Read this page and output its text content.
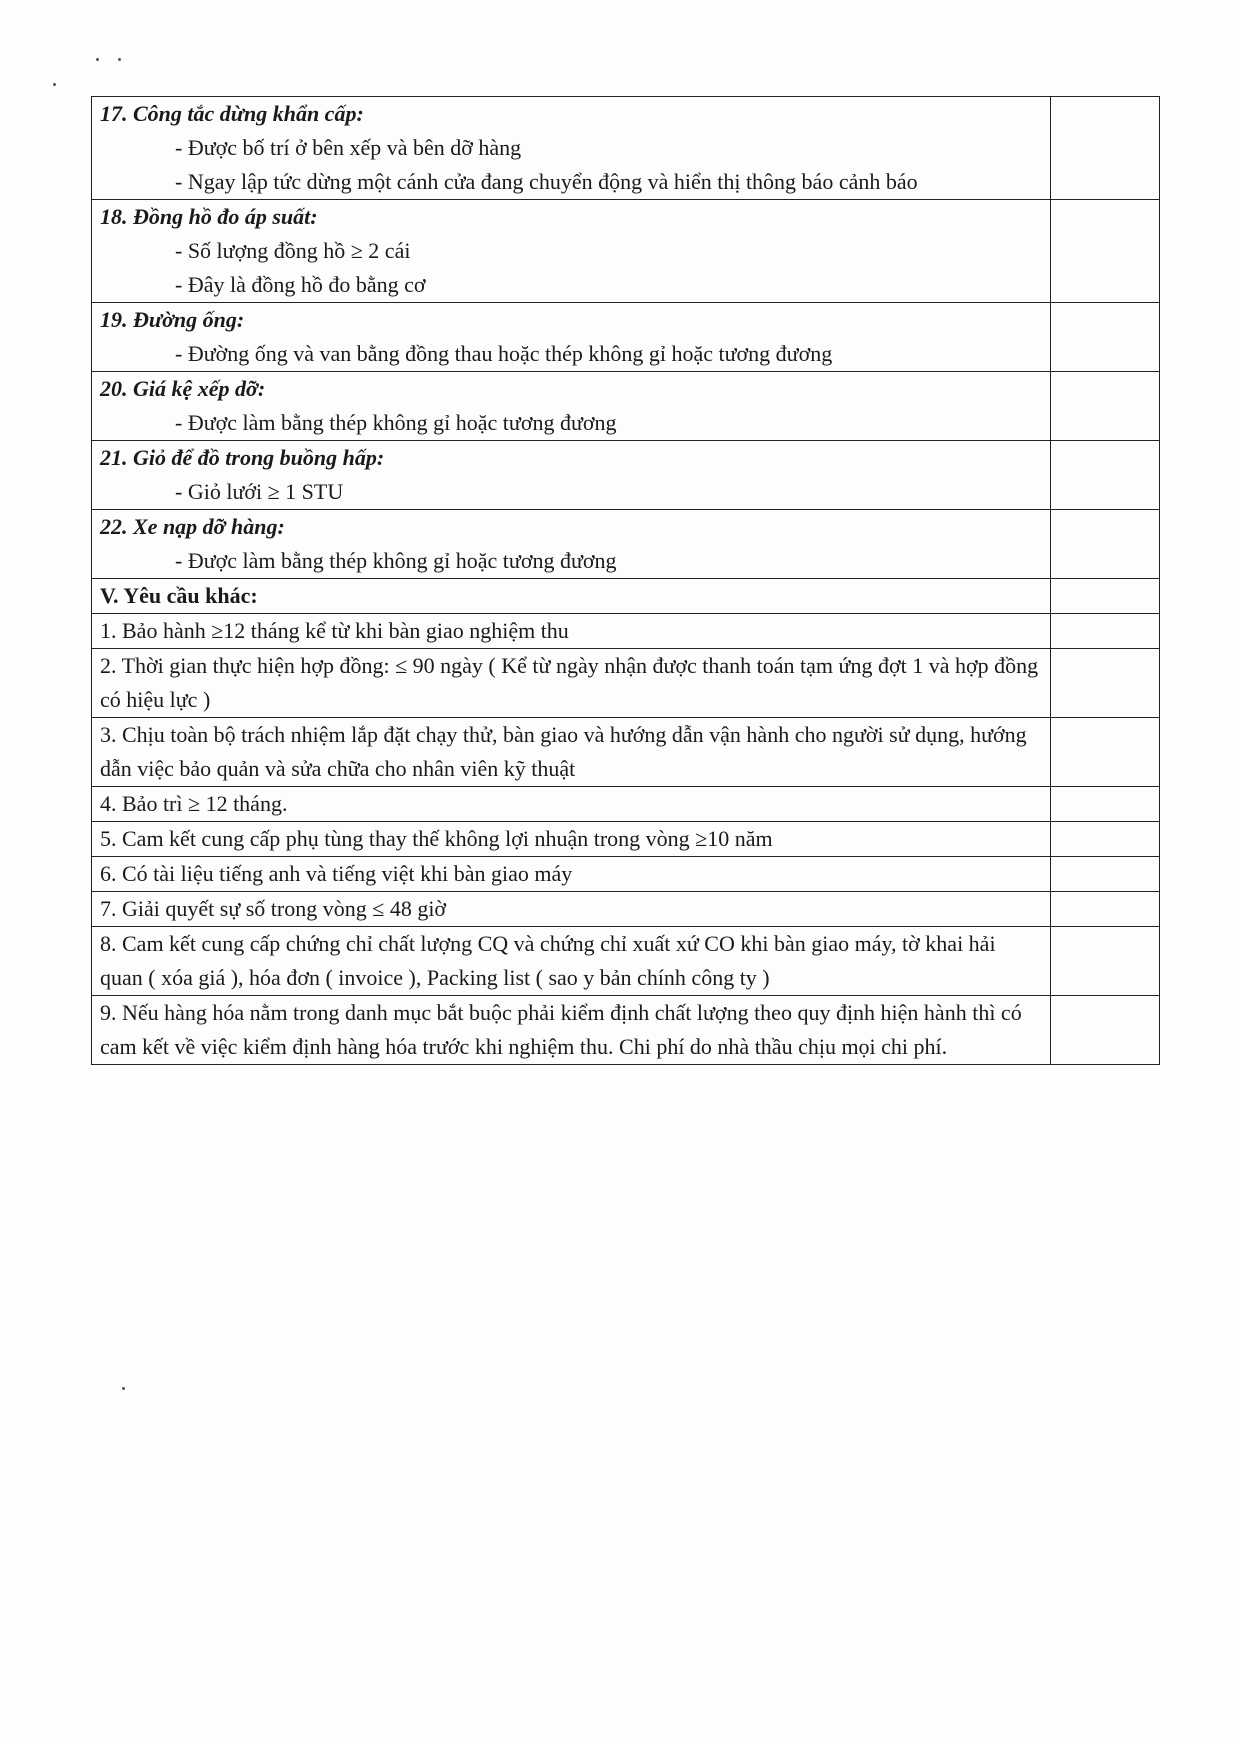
17. Công tắc dừng khẩn cấp:
- Được bố trí ở bên xếp và bên dỡ hàng
- Ngay lập tức dừng một cánh cửa đang chuyển động và hiển thị thông báo cảnh báo	

18. Đồng hồ đo áp suất:
- Số lượng đồng hồ ≥ 2 cái
- Đây là đồng hồ đo bằng cơ	

19. Đường ống:
- Đường ống và van bằng đồng thau hoặc thép không gỉ hoặc tương đương	

20. Giá kệ xếp dỡ:
- Được làm bằng thép không gỉ hoặc tương đương	

21. Giỏ để đồ trong buồng hấp:
- Giỏ lưới ≥ 1 STU	

22. Xe nạp dỡ hàng:
- Được làm bằng thép không gỉ hoặc tương đương	

V. Yêu cầu khác:	
1. Bảo hành ≥12 tháng kể từ khi bàn giao nghiệm thu	
2. Thời gian thực hiện hợp đồng: ≤ 90 ngày ( Kể từ ngày nhận được thanh toán tạm ứng đợt 1 và hợp đồng có hiệu lực )	
3. Chịu toàn bộ trách nhiệm lắp đặt chạy thử, bàn giao và hướng dẫn vận hành cho người sử dụng, hướng dẫn việc bảo quản và sửa chữa cho nhân viên kỹ thuật	
4. Bảo trì ≥ 12 tháng.	
5. Cam kết cung cấp phụ tùng thay thế không lợi nhuận trong vòng ≥10 năm	
6. Có tài liệu tiếng anh và tiếng việt khi bàn giao máy	
7. Giải quyết sự số trong vòng ≤ 48 giờ	
8. Cam kết cung cấp chứng chỉ chất lượng CQ và chứng chỉ xuất xứ CO khi bàn giao máy, tờ khai hải quan ( xóa giá ), hóa đơn ( invoice ), Packing list ( sao y bản chính công ty )	
9. Nếu hàng hóa nằm trong danh mục bắt buộc phải kiểm định chất lượng theo quy định hiện hành thì có cam kết về việc kiểm định hàng hóa trước khi nghiệm thu. Chi phí do nhà thầu chịu mọi chi phí.	
